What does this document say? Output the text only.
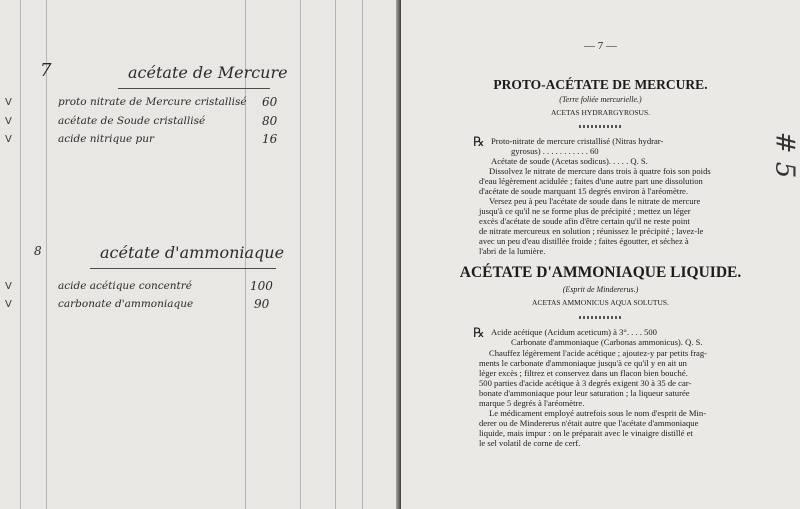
7	acétate de Mercure
V	proto nitrate de Mercure cristallisé 60
V	acétate de Soude cristallisé	80
V	acide nitrique pur	16
8	acétate d'ammoniaque
V	acide acétique concentré	100
V	carbonate d'ammoniaque	90
— 7 —
# 5
PROTO-ACÉTATE DE MERCURE.
(Terre foliée mercurielle.)
ACETAS HYDRARGYROSUS.
℞ Proto-nitrate de mercure cristallisé (Nitras hydrar-
gyrosus) . . . . . . . . . . . 60
Acétate de soude (Acetas sodicus). . . . . Q. S.
Dissolvez le nitrate de mercure dans trois à quatre fois son poids
d'eau légèrement acidulée ; faites d'une autre part une dissolution
d'acétate de soude marquant 15 degrés environ à l'aréomètre.
Versez peu à peu l'acétate de soude dans le nitrate de mercure
jusqu'à ce qu'il ne se forme plus de précipité ; mettez un léger
excès d'acétate de soude afin d'être certain qu'il ne reste point
de nitrate mercureux en solution ; réunissez le précipité ; lavez-le
avec un peu d'eau distillée froide ; faites égoutter, et séchez à
l'abri de la lumière.
ACÉTATE D'AMMONIAQUE LIQUIDE.
(Esprit de Mindererus.)
ACETAS AMMONICUS AQUA SOLUTUS.
℞ Acide acétique (Acidum aceticum) à 3°. . . . 500
Carbonate d'ammoniaque (Carbonas ammonicus). Q. S.
Chauffez légèrement l'acide acétique ; ajoutez-y par petits frag-
ments le carbonate d'ammoniaque jusqu'à ce qu'il y en ait un
léger excès ; filtrez et conservez dans un flacon bien bouché.
500 parties d'acide acétique à 3 degrés exigent 30 à 35 de car-
bonate d'ammoniaque pour leur saturation ; la liqueur saturée
marque 5 degrés à l'aréomètre.
Le médicament employé autrefois sous le nom d'esprit de Min-
derer ou de Mindererus n'était autre que l'acétate d'ammoniaque
liquide, mais impur : on le préparait avec le vinaigre distillé et
le sel volatil de corne de cerf.
